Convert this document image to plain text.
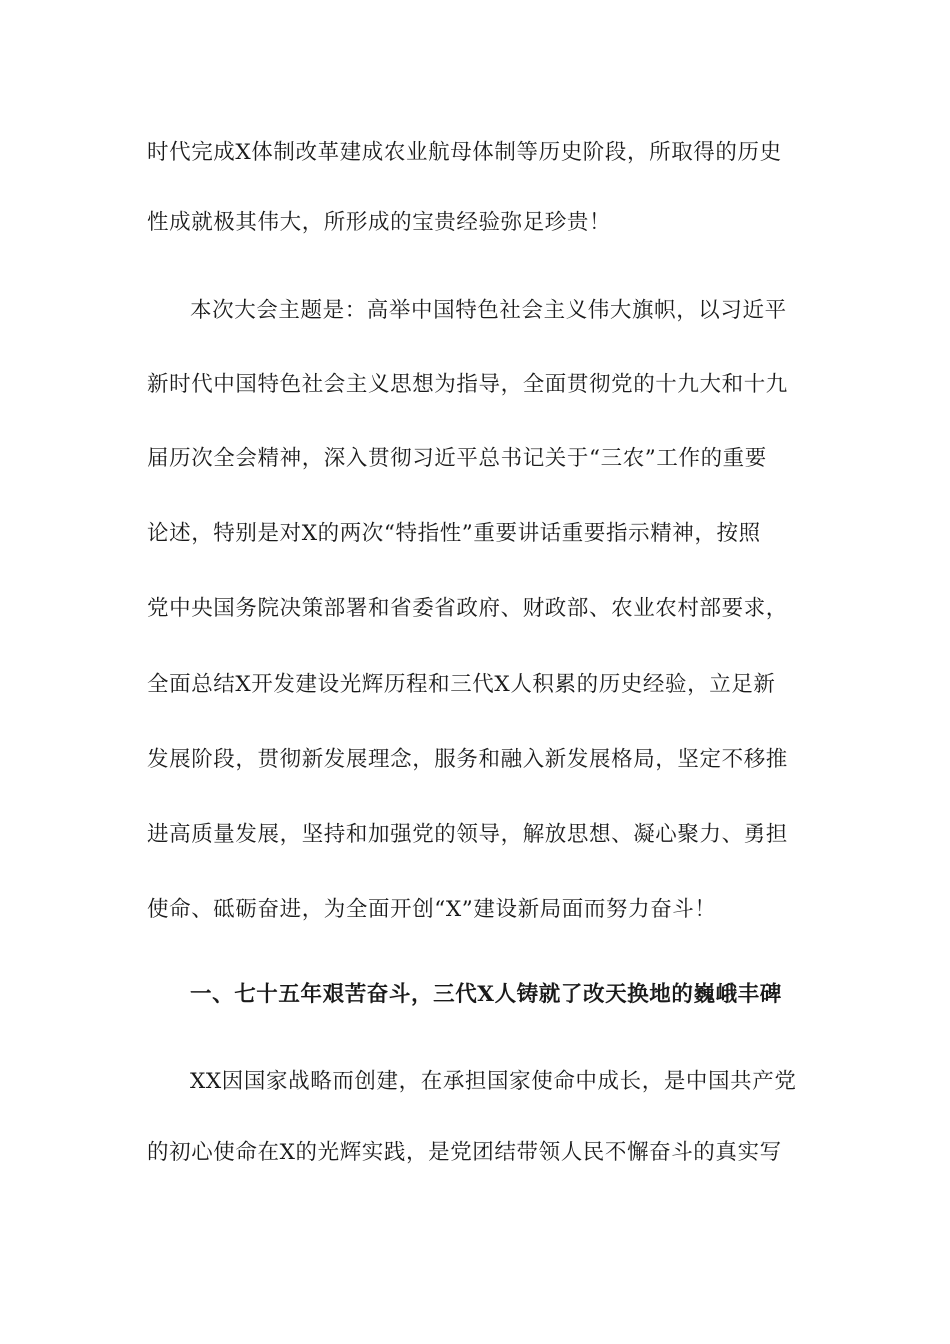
时代完成X体制改革建成农业航母体制等历史阶段，所取得的历史
性成就极其伟大，所形成的宝贵经验弥足珍贵！
本次大会主题是：高举中国特色社会主义伟大旗帜，以习近平
新时代中国特色社会主义思想为指导，全面贯彻党的十九大和十九
届历次全会精神，深入贯彻习近平总书记关于“三农”工作的重要
论述，特别是对X的两次“特指性”重要讲话重要指示精神，按照
党中央国务院决策部署和省委省政府、财政部、农业农村部要求，
全面总结X开发建设光辉历程和三代X人积累的历史经验，立足新
发展阶段，贯彻新发展理念，服务和融入新发展格局，坚定不移推
进高质量发展，坚持和加强党的领导，解放思想、凝心聚力、勇担
使命、砥砺奋进，为全面开创“X”建设新局面而努力奋斗！
一、七十五年艰苦奋斗，三代X人铸就了改天换地的巍峨丰碑
XX因国家战略而创建，在承担国家使命中成长，是中国共产党
的初心使命在X的光辉实践，是党团结带领人民不懈奋斗的真实写
